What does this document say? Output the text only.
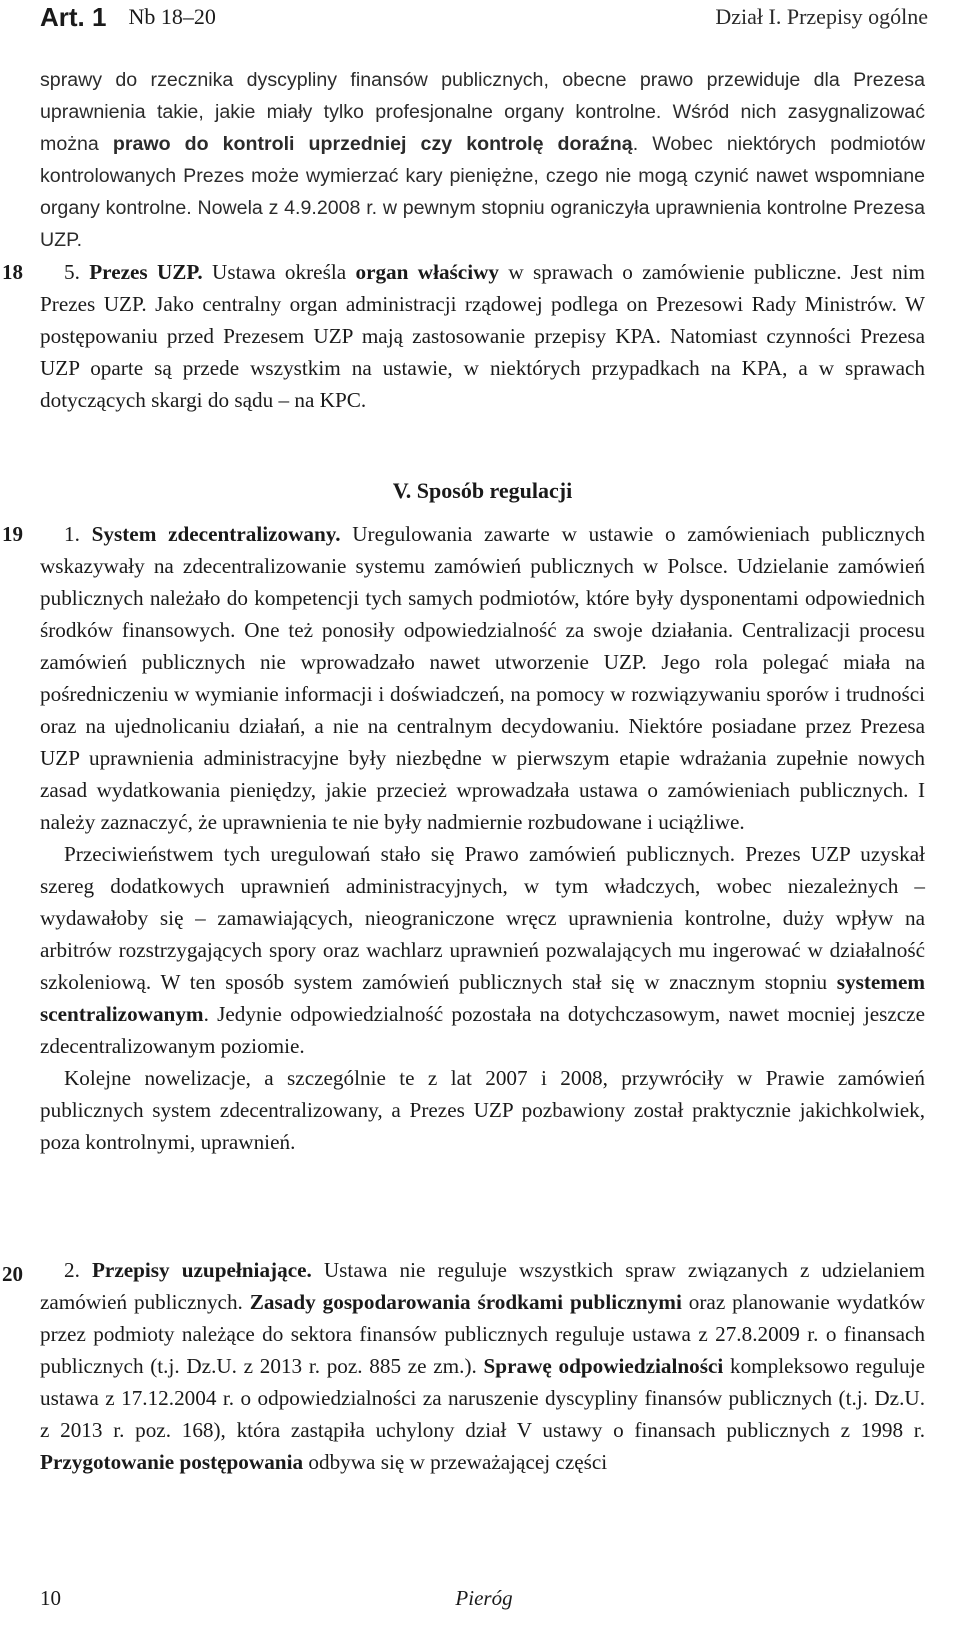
Art. 1 Nb 18–20	Dział I. Przepisy ogólne

sprawy do rzecznika dyscypliny finansów publicznych, obecne prawo przewiduje dla Prezesa uprawnienia takie, jakie miały tylko profesjonalne organy kontrolne. Wśród nich zasygnalizować można prawo do kontroli uprzedniej czy kontrolę doraźną. Wobec niektórych podmiotów kontrolowanych Prezes może wymierzać kary pieniężne, czego nie mogą czynić nawet wspomniane organy kontrolne. Nowela z 4.9.2008 r. w pewnym stopniu ograniczyła uprawnienia kontrolne Prezesa UZP.

18	5. Prezes UZP. Ustawa określa organ właściwy w sprawach o zamówienie publiczne. Jest nim Prezes UZP. Jako centralny organ administracji rządowej podlega on Prezesowi Rady Ministrów. W postępowaniu przed Prezesem UZP mają zastosowanie przepisy KPA. Natomiast czynności Prezesa UZP oparte są przede wszystkim na ustawie, w niektórych przypadkach na KPA, a w sprawach dotyczących skargi do sądu – na KPC.

V. Sposób regulacji
19	1. System zdecentralizowany. Uregulowania zawarte w ustawie o zamówieniach publicznych wskazywały na zdecentralizowanie systemu zamówień publicznych w Polsce. Udzielanie zamówień publicznych należało do kompetencji tych samych podmiotów, które były dysponentami odpowiednich środków finansowych. One też ponosiły odpowiedzialność za swoje działania. Centralizacji procesu zamówień publicznych nie wprowadzało nawet utworzenie UZP. Jego rola polegać miała na pośredniczeniu w wymianie informacji i doświadczeń, na pomocy w rozwiązywaniu sporów i trudności oraz na ujednolicaniu działań, a nie na centralnym decydowaniu. Niektóre posiadane przez Prezesa UZP uprawnienia administracyjne były niezbędne w pierwszym etapie wdrażania zupełnie nowych zasad wydatkowania pieniędzy, jakie przecież wprowadzała ustawa o zamówieniach publicznych. I należy zaznaczyć, że uprawnienia te nie były nadmiernie rozbudowane i uciążliwe.

Przeciwieństwem tych uregulowań stało się Prawo zamówień publicznych. Prezes UZP uzyskał szereg dodatkowych uprawnień administracyjnych, w tym władczych, wobec niezależnych – wydawałoby się – zamawiających, nieograniczone wręcz uprawnienia kontrolne, duży wpływ na arbitrów rozstrzygających spory oraz wachlarz uprawnień pozwalających mu ingerować w działalność szkoleniową. W ten sposób system zamówień publicznych stał się w znacznym stopniu systemem scentralizowanym. Jedynie odpowiedzialność pozostała na dotychczasowym, nawet mocniej jeszcze zdecentralizowanym poziomie.

Kolejne nowelizacje, a szczególnie te z lat 2007 i 2008, przywróciły w Prawie zamówień publicznych system zdecentralizowany, a Prezes UZP pozbawiony został praktycznie jakichkolwiek, poza kontrolnymi, uprawnień.

20	2. Przepisy uzupełniające. Ustawa nie reguluje wszystkich spraw związanych z udzielaniem zamówień publicznych. Zasady gospodarowania środkami publicznymi oraz planowanie wydatków przez podmioty należące do sektora finansów publicznych reguluje ustawa z 27.8.2009 r. o finansach publicznych (t.j. Dz.U. z 2013 r. poz. 885 ze zm.). Sprawę odpowiedzialności kompleksowo reguluje ustawa z 17.12.2004 r. o odpowiedzialności za naruszenie dyscypliny finansów publicznych (t.j. Dz.U. z 2013 r. poz. 168), która zastąpiła uchylony dział V ustawy o finansach publicznych z 1998 r. Przygotowanie postępowania odbywa się w przeważającej części

10	Pieróg
